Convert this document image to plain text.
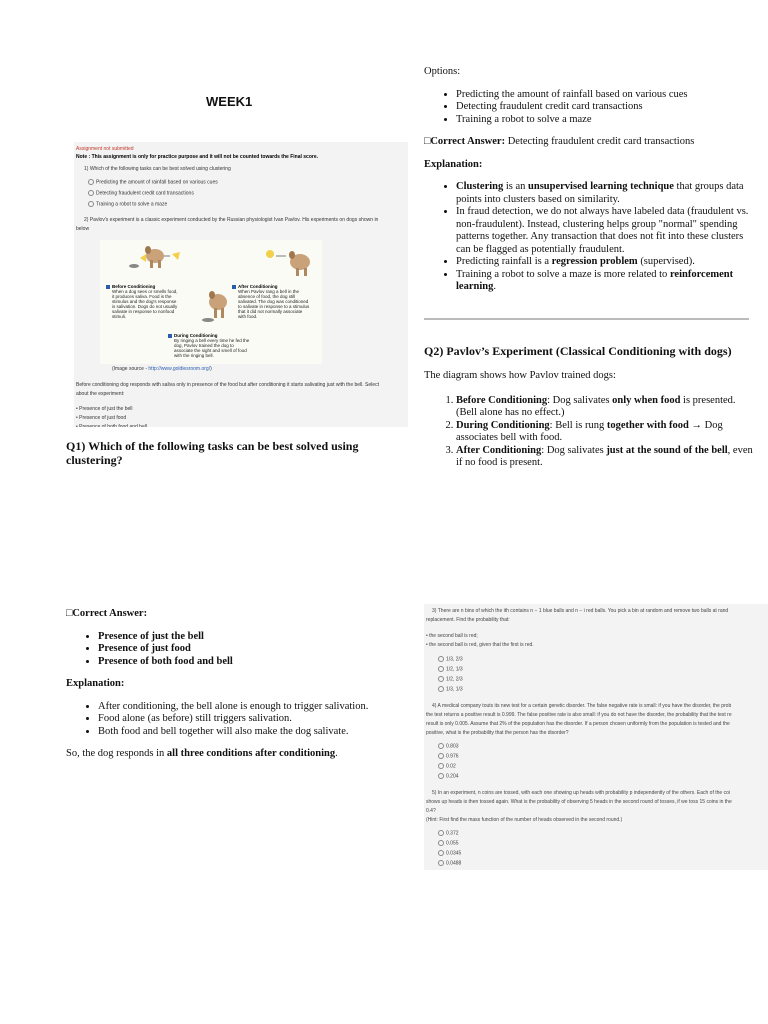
WEEK1
Assignment not submitted
Note : This assignment is only for practice purpose and it will not be counted towards the Final score.
1) Which of the following tasks can be best solved using clustering
Predicting the amount of rainfall based on various cues
Detecting fraudulent credit card transactions
Training a robot to solve a maze
2) Pavlov's experiment is a classic experiment conducted by the Russian physiologist Ivan Pavlov. His experiments on dogs shown in
below
Before Conditioning
When a dog sees or smells food, it produces saliva. Food is the stimulus and the dog's response is salivation. Dogs do not usually salivate in response to nonfood stimuli.
After Conditioning
When Pavlov rang a bell in the absence of food, the dog still salivated. The dog was conditioned to salivate in response to a stimulus that it did not normally associate with food.
During Conditioning
By ringing a bell every time he fed the dog, Pavlov trained the dog to associate the sight and smell of food with the ringing bell.
(Image source - http://www.goldiesroom.org/)
Before conditioning dog responds with saliva only in presence of the food but after conditioning it starts salivating just with the bell. Select
about the experiment:
• Presence of just the bell
• Presence of just food
• Presence of both food and bell
Q1) Which of the following tasks can be best solved using clustering?

□Correct Answer:

• Presence of just the bell
• Presence of just food
• Presence of both food and bell

Explanation:

• After conditioning, the bell alone is enough to trigger salivation.
• Food alone (as before) still triggers salivation.
• Both food and bell together will also make the dog salivate.

So, the dog responds in all three conditions after conditioning.

Options:

• Predicting the amount of rainfall based on various cues
• Detecting fraudulent credit card transactions
• Training a robot to solve a maze

□Correct Answer: Detecting fraudulent credit card transactions

Explanation:

• Clustering is an unsupervised learning technique that groups data points into clusters based on similarity.
• In fraud detection, we do not always have labeled data (fraudulent vs. non-fraudulent). Instead, clustering helps group "normal" spending patterns together. Any transaction that does not fit into these clusters can be flagged as potentially fraudulent.
• Predicting rainfall is a regression problem (supervised).
• Training a robot to solve a maze is more related to reinforcement learning.
Q2) Pavlov’s Experiment (Classical Conditioning with dogs)

The diagram shows how Pavlov trained dogs:

1. Before Conditioning: Dog salivates only when food is presented. (Bell alone has no effect.)
2. During Conditioning: Bell is rung together with food → Dog associates bell with food.
3. After Conditioning: Dog salivates just at the sound of the bell, even if no food is present.
3) There are n bins of which the ith contains n − 1 blue balls and n − i red balls. You pick a bin at random and remove two balls at rand
replacement. Find the probability that:
• the second ball is red;
• the second ball is red, given that the first is red.
1/3, 2/3
1/2, 1/3
1/2, 2/3
1/3, 1/3
4) A medical company touts its new test for a certain genetic disorder. The false negative rate is small: if you have the disorder, the prob
the test returns a positive result is 0.999. The false positive rate is also small: if you do not have the disorder, the probability that the test re
result is only 0.005. Assume that 2% of the population has the disorder. If a person chosen uniformly from the population is tested and the
positive, what is the probability that the person has the disorder?
0.803
0.976
0.02
0.204
5) In an experiment, n coins are tossed, with each one showing up heads with probability p independently of the others. Each of the coi
shows up heads is then tossed again. What is the probability of observing 5 heads in the second round of tosses, if we toss 15 coins in the
0.4?
(Hint: First find the mass function of the number of heads observed in the second round.)
0.372
0.055
0.0345
0.0488
